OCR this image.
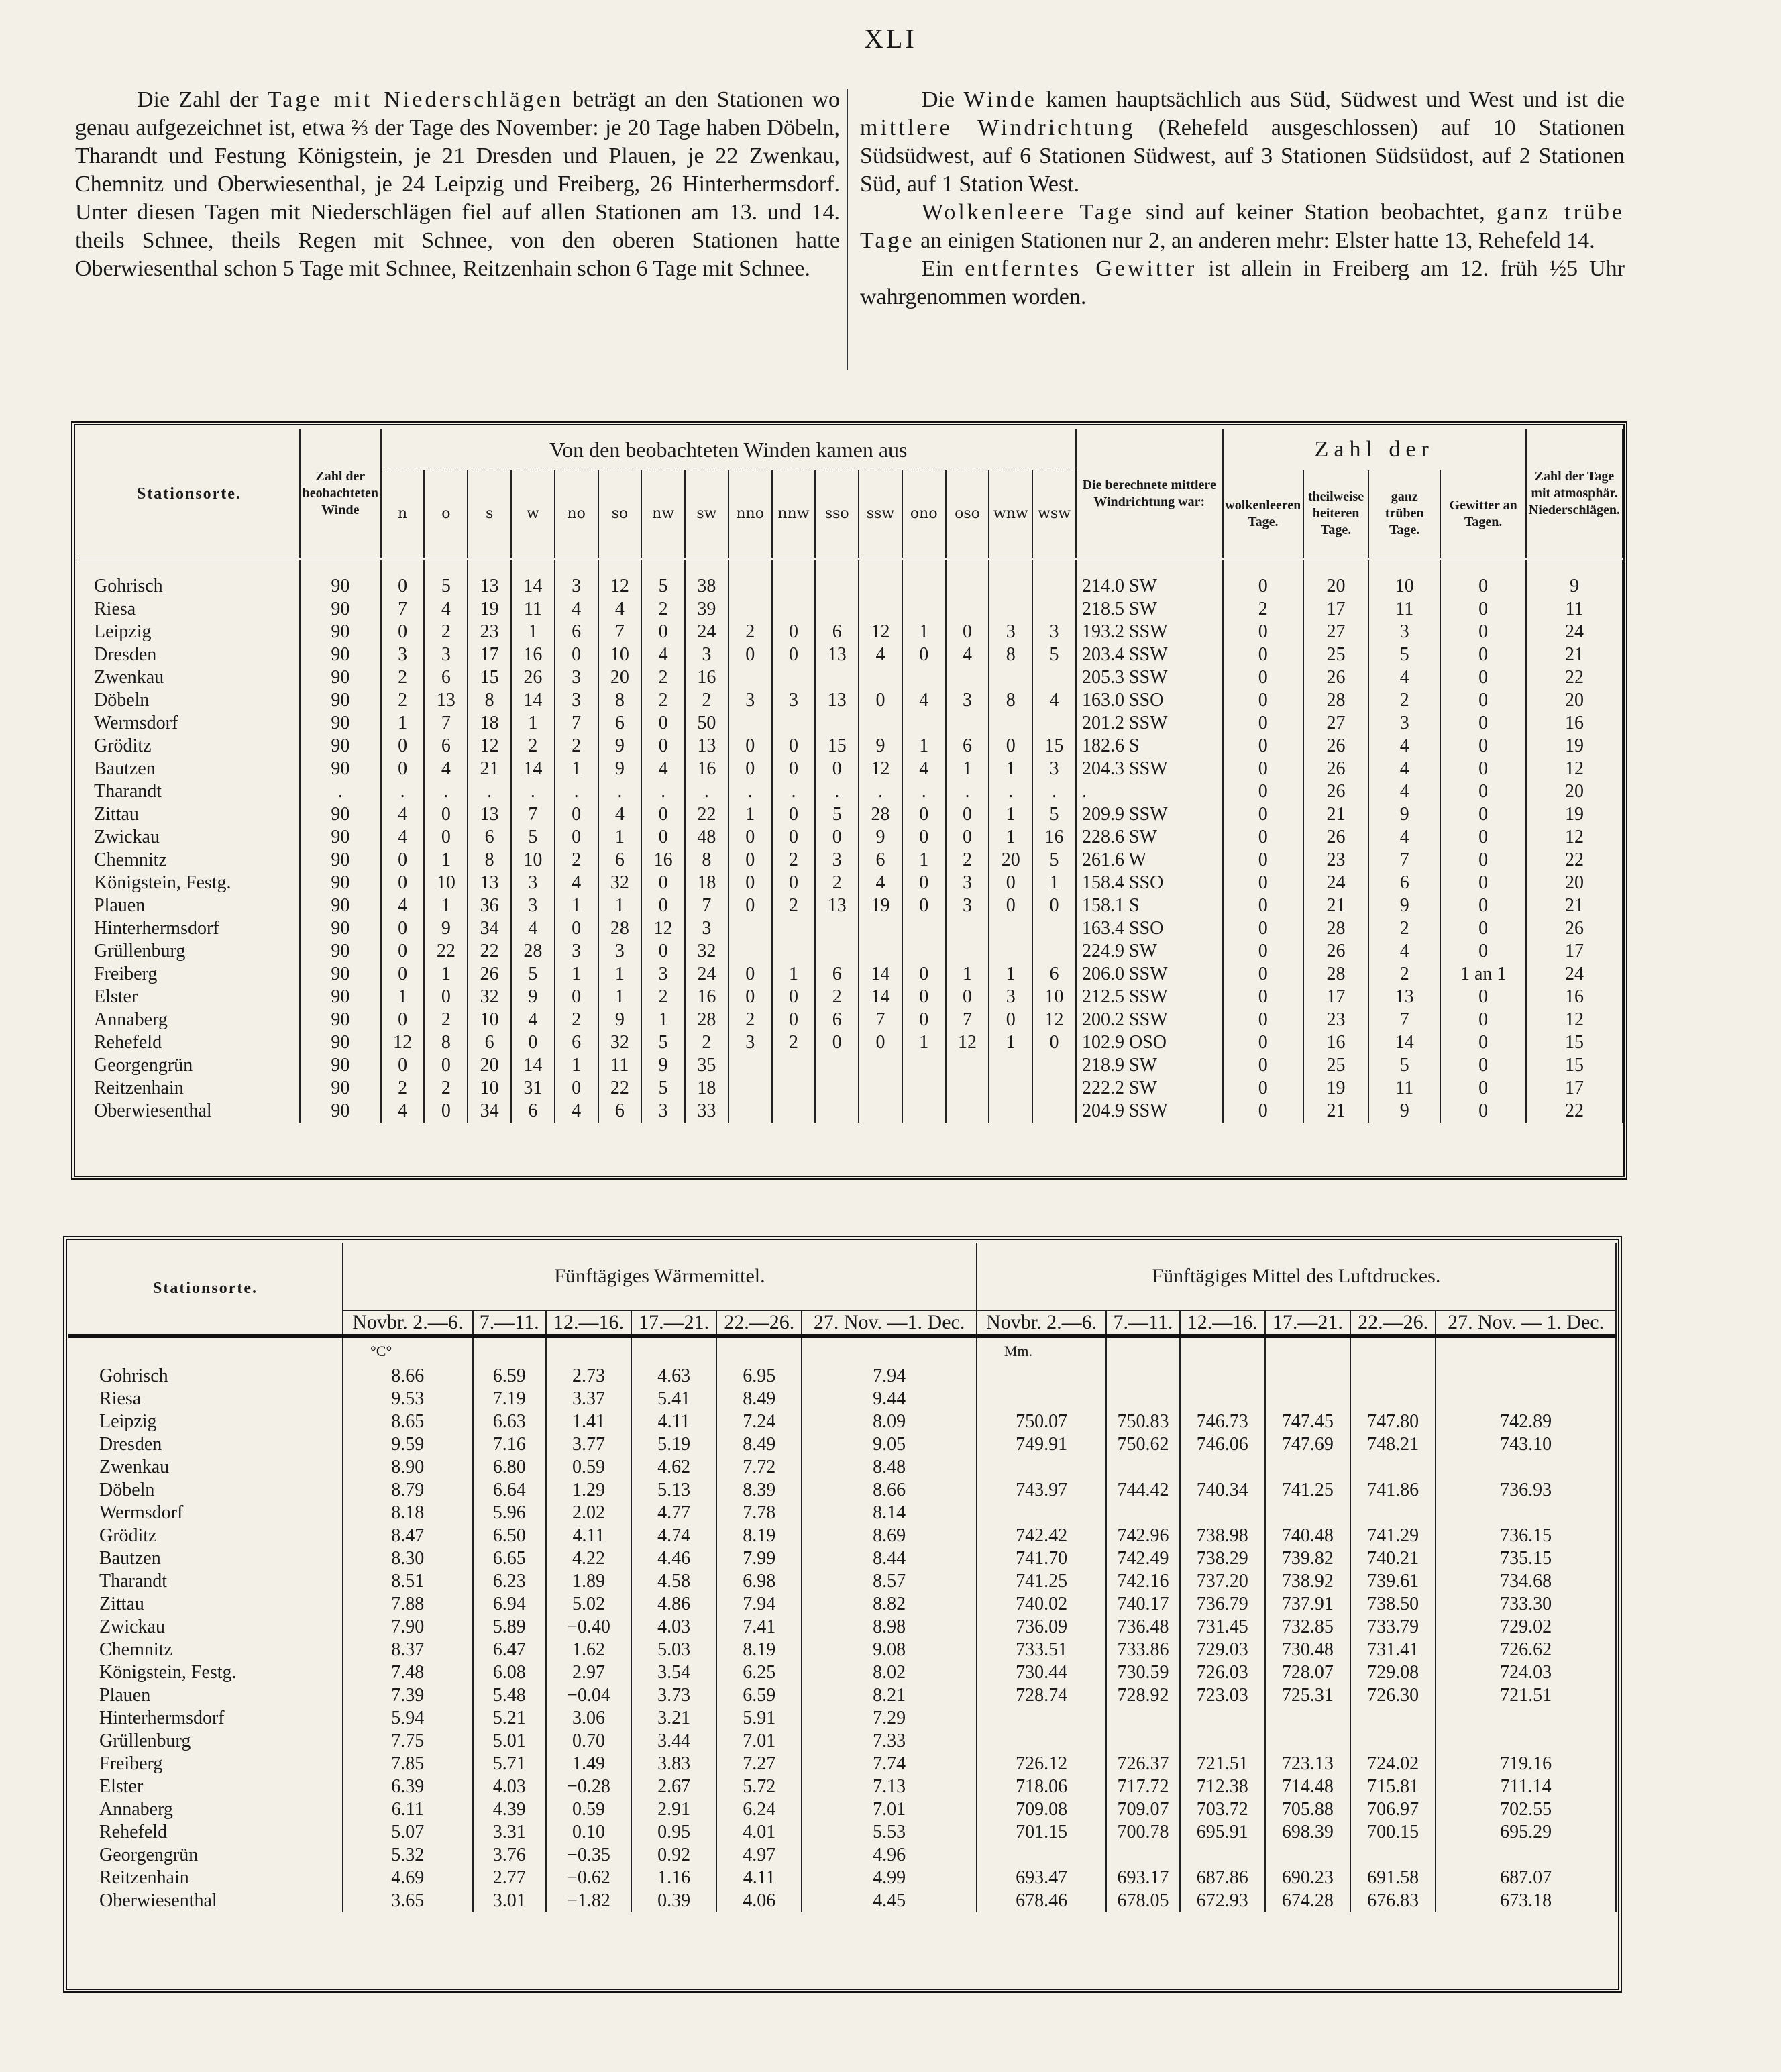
XLI

Die Zahl der Tage mit Niederschlägen beträgt an den Stationen wo genau aufgezeichnet ist, etwa ⅔ der Tage des November: je 20 Tage haben Döbeln, Tharandt und Festung Königstein, je 21 Dresden und Plauen, je 22 Zwenkau, Chemnitz und Oberwiesenthal, je 24 Leipzig und Freiberg, 26 Hinterhermsdorf. Unter diesen Tagen mit Niederschlägen fiel auf allen Stationen am 13. und 14. theils Schnee, theils Regen mit Schnee, von den oberen Stationen hatte Oberwiesenthal schon 5 Tage mit Schnee, Reitzenhain schon 6 Tage mit Schnee.

Die Winde kamen hauptsächlich aus Süd, Südwest und West und ist die mittlere Windrichtung (Rehefeld ausgeschlossen) auf 10 Stationen Südsüdwest, auf 6 Stationen Südwest, auf 3 Stationen Südsüdost, auf 2 Stationen Süd, auf 1 Station West.

Wolkenleere Tage sind auf keiner Station beobachtet, ganz trübe Tage an einigen Stationen nur 2, an anderen mehr: Elster hatte 13, Rehefeld 14.

Ein entferntes Gewitter ist allein in Freiberg am 12. früh ½5 Uhr wahrgenommen worden.

Stationsorte.	Zahl der beobachteten Winde	Von den beobachteten Winden kamen aus																Die berechnete mittlere Windrichtung war:	Zahl der				Zahl der Tage mit atmosphär. Niederschlägen.
		n	o	s	w	no	so	nw	sw	nno	nnw	sso	ssw	ono	oso	wnw	wsw		wolkenleeren Tage.	theilweise heiteren Tage.	ganz trüben Tage.	Gewitter an Tagen.	
Gohrisch	90	0	5	13	14	3	12	5	38									214.0 SW	0	20	10	0	9
Riesa	90	7	4	19	11	4	4	2	39									218.5 SW	2	17	11	0	11
Leipzig	90	0	2	23	1	6	7	0	24	2	0	6	12	1	0	3	3	193.2 SSW	0	27	3	0	24
Dresden	90	3	3	17	16	0	10	4	3	0	0	13	4	0	4	8	5	203.4 SSW	0	25	5	0	21
Zwenkau	90	2	6	15	26	3	20	2	16									205.3 SSW	0	26	4	0	22
Döbeln	90	2	13	8	14	3	8	2	2	3	3	13	0	4	3	8	4	163.0 SSO	0	28	2	0	20
Wermsdorf	90	1	7	18	1	7	6	0	50									201.2 SSW	0	27	3	0	16
Gröditz	90	0	6	12	2	2	9	0	13	0	0	15	9	1	6	0	15	182.6 S	0	26	4	0	19
Bautzen	90	0	4	21	14	1	9	4	16	0	0	0	12	4	1	1	3	204.3 SSW	0	26	4	0	12
Tharandt	.	.	.	.	.	.	.	.	.	.	.	.	.	.	.	.	.	.	0	26	4	0	20
Zittau	90	4	0	13	7	0	4	0	22	1	0	5	28	0	0	1	5	209.9 SSW	0	21	9	0	19
Zwickau	90	4	0	6	5	0	1	0	48	0	0	0	9	0	0	1	16	228.6 SW	0	26	4	0	12
Chemnitz	90	0	1	8	10	2	6	16	8	0	2	3	6	1	2	20	5	261.6 W	0	23	7	0	22
Königstein, Festg.	90	0	10	13	3	4	32	0	18	0	0	2	4	0	3	0	1	158.4 SSO	0	24	6	0	20
Plauen	90	4	1	36	3	1	1	0	7	0	2	13	19	0	3	0	0	158.1 S	0	21	9	0	21
Hinterhermsdorf	90	0	9	34	4	0	28	12	3									163.4 SSO	0	28	2	0	26
Grüllenburg	90	0	22	22	28	3	3	0	32									224.9 SW	0	26	4	0	17
Freiberg	90	0	1	26	5	1	1	3	24	0	1	6	14	0	1	1	6	206.0 SSW	0	28	2	1 an 1	24
Elster	90	1	0	32	9	0	1	2	16	0	0	2	14	0	0	3	10	212.5 SSW	0	17	13	0	16
Annaberg	90	0	2	10	4	2	9	1	28	2	0	6	7	0	7	0	12	200.2 SSW	0	23	7	0	12
Rehefeld	90	12	8	6	0	6	32	5	2	3	2	0	0	1	12	1	0	102.9 OSO	0	16	14	0	15
Georgengrün	90	0	0	20	14	1	11	9	35									218.9 SW	0	25	5	0	15
Reitzenhain	90	2	2	10	31	0	22	5	18									222.2 SW	0	19	11	0	17
Oberwiesenthal	90	4	0	34	6	4	6	3	33									204.9 SSW	0	21	9	0	22
Stationsorte.	Fünftägiges Wärmemittel.						Fünftägiges Mittel des Luftdruckes.					
	Novbr. 2.—6.	7.—11.	12.—16.	17.—21.	22.—26.	27. Nov. —1. Dec.	Novbr. 2.—6.	7.—11.	12.—16.	17.—21.	22.—26.	27. Nov. — 1. Dec.
	°C°						Mm.					
Gohrisch	8.66	6.59	2.73	4.63	6.95	7.94						
Riesa	9.53	7.19	3.37	5.41	8.49	9.44						
Leipzig	8.65	6.63	1.41	4.11	7.24	8.09	750.07	750.83	746.73	747.45	747.80	742.89
Dresden	9.59	7.16	3.77	5.19	8.49	9.05	749.91	750.62	746.06	747.69	748.21	743.10
Zwenkau	8.90	6.80	0.59	4.62	7.72	8.48						
Döbeln	8.79	6.64	1.29	5.13	8.39	8.66	743.97	744.42	740.34	741.25	741.86	736.93
Wermsdorf	8.18	5.96	2.02	4.77	7.78	8.14						
Gröditz	8.47	6.50	4.11	4.74	8.19	8.69	742.42	742.96	738.98	740.48	741.29	736.15
Bautzen	8.30	6.65	4.22	4.46	7.99	8.44	741.70	742.49	738.29	739.82	740.21	735.15
Tharandt	8.51	6.23	1.89	4.58	6.98	8.57	741.25	742.16	737.20	738.92	739.61	734.68
Zittau	7.88	6.94	5.02	4.86	7.94	8.82	740.02	740.17	736.79	737.91	738.50	733.30
Zwickau	7.90	5.89	−0.40	4.03	7.41	8.98	736.09	736.48	731.45	732.85	733.79	729.02
Chemnitz	8.37	6.47	1.62	5.03	8.19	9.08	733.51	733.86	729.03	730.48	731.41	726.62
Königstein, Festg.	7.48	6.08	2.97	3.54	6.25	8.02	730.44	730.59	726.03	728.07	729.08	724.03
Plauen	7.39	5.48	−0.04	3.73	6.59	8.21	728.74	728.92	723.03	725.31	726.30	721.51
Hinterhermsdorf	5.94	5.21	3.06	3.21	5.91	7.29						
Grüllenburg	7.75	5.01	0.70	3.44	7.01	7.33						
Freiberg	7.85	5.71	1.49	3.83	7.27	7.74	726.12	726.37	721.51	723.13	724.02	719.16
Elster	6.39	4.03	−0.28	2.67	5.72	7.13	718.06	717.72	712.38	714.48	715.81	711.14
Annaberg	6.11	4.39	0.59	2.91	6.24	7.01	709.08	709.07	703.72	705.88	706.97	702.55
Rehefeld	5.07	3.31	0.10	0.95	4.01	5.53	701.15	700.78	695.91	698.39	700.15	695.29
Georgengrün	5.32	3.76	−0.35	0.92	4.97	4.96						
Reitzenhain	4.69	2.77	−0.62	1.16	4.11	4.99	693.47	693.17	687.86	690.23	691.58	687.07
Oberwiesenthal	3.65	3.01	−1.82	0.39	4.06	4.45	678.46	678.05	672.93	674.28	676.83	673.18
